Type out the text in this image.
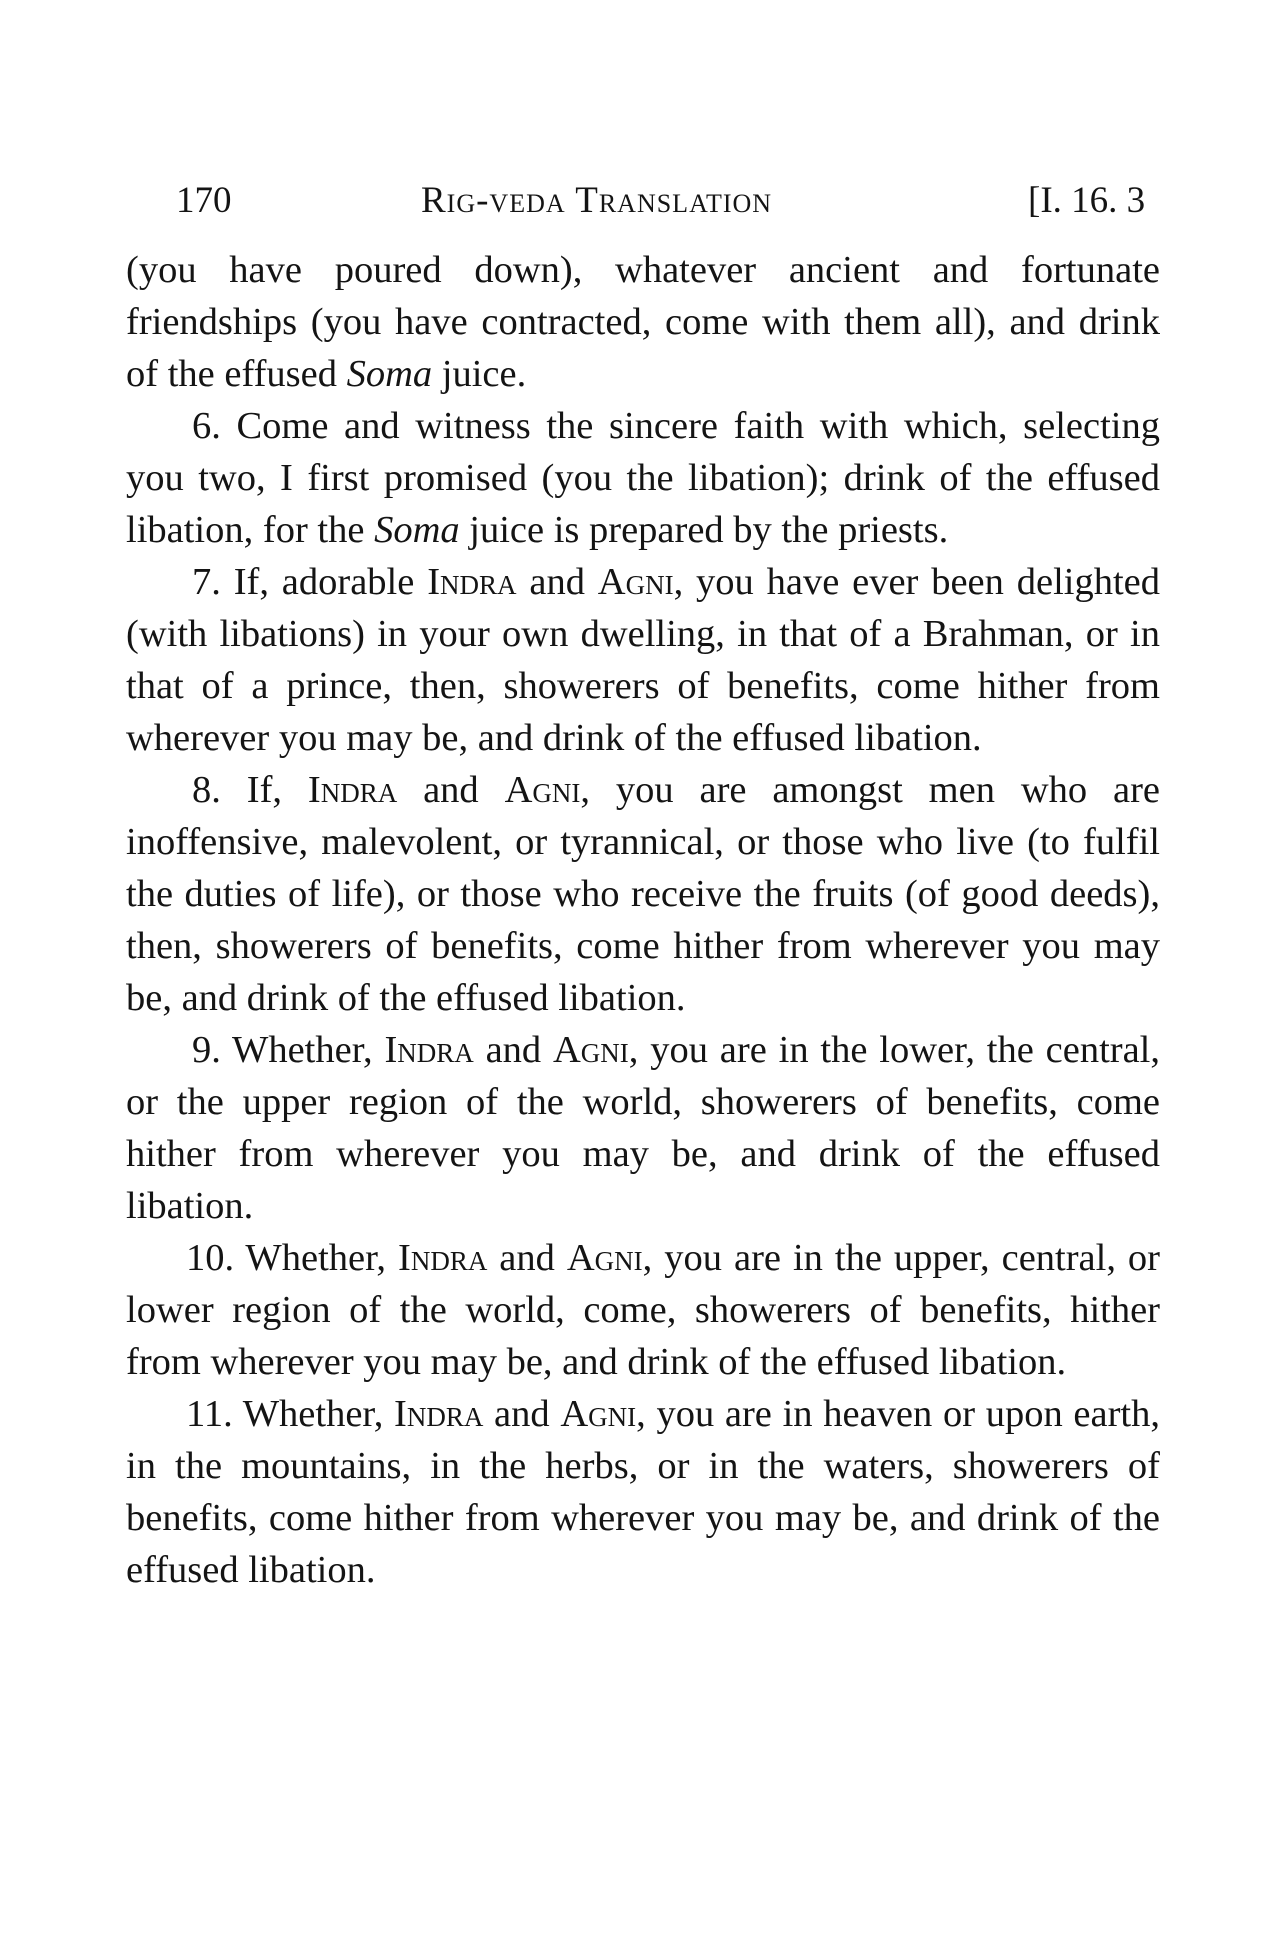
170	Rig-veda Translation	[I. 16. 3

(you have poured down), whatever ancient and fortunate friendships (you have contracted, come with them all), and drink of the effused Soma juice.

6. Come and witness the sincere faith with which, selecting you two, I first promised (you the libation); drink of the effused libation, for the Soma juice is prepared by the priests.

7. If, adorable Indra and Agni, you have ever been delighted (with libations) in your own dwelling, in that of a Brahman, or in that of a prince, then, showerers of benefits, come hither from wherever you may be, and drink of the effused libation.

8. If, Indra and Agni, you are amongst men who are inoffensive, malevolent, or tyrannical, or those who live (to fulfil the duties of life), or those who receive the fruits (of good deeds), then, showerers of benefits, come hither from wherever you may be, and drink of the effused libation.

9. Whether, Indra and Agni, you are in the lower, the central, or the upper region of the world, showerers of benefits, come hither from wherever you may be, and drink of the effused libation.

10. Whether, Indra and Agni, you are in the upper, central, or lower region of the world, come, showerers of benefits, hither from wherever you may be, and drink of the effused libation.

11. Whether, Indra and Agni, you are in heaven or upon earth, in the mountains, in the herbs, or in the waters, showerers of benefits, come hither from wherever you may be, and drink of the effused libation.
